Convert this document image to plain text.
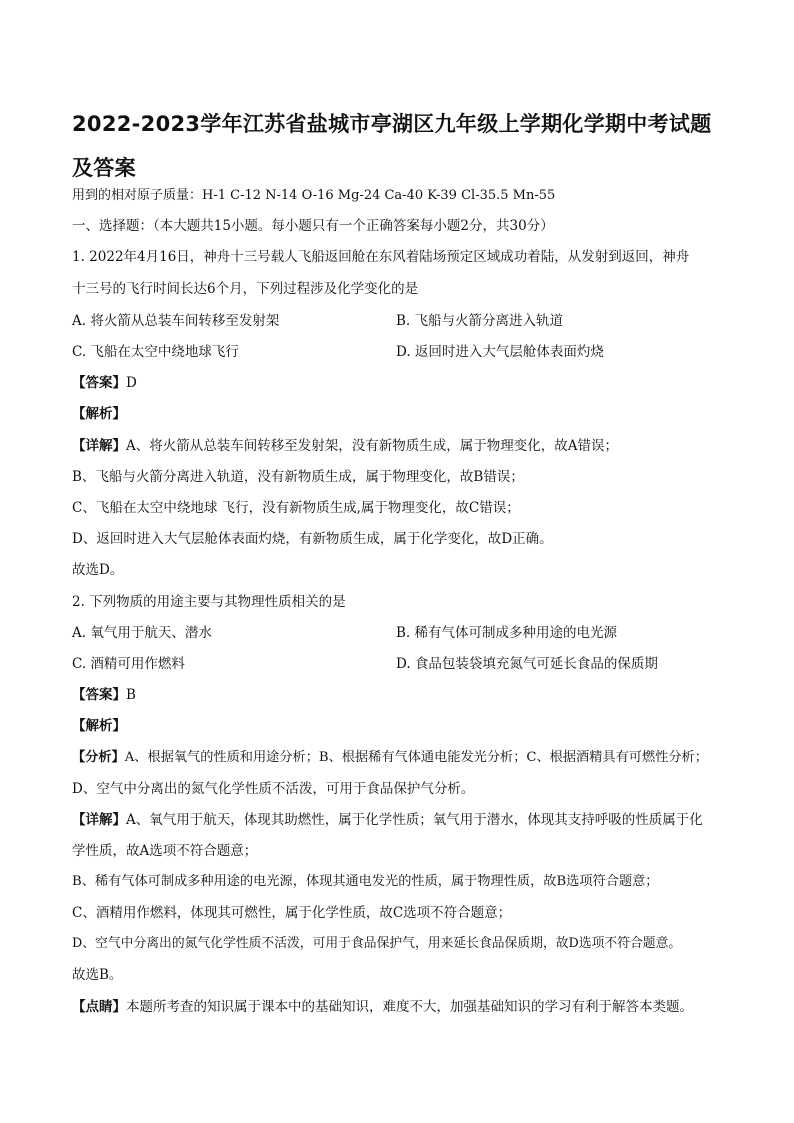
2022-2023学年江苏省盐城市亭湖区九年级上学期化学期中考试题及答案
用到的相对原子质量：H-1 C-12 N-14 O-16 Mg-24 Ca-40 K-39 Cl-35.5 Mn-55
一、选择题：（本大题共15小题。每小题只有一个正确答案每小题2分，共30分）
1. 2022年4月16日，神舟十三号载人飞船返回舱在东风着陆场预定区域成功着陆，从发射到返回，神舟
十三号的飞行时间长达6个月，下列过程涉及化学变化的是
A. 将火箭从总装车间转移至发射架	B. 飞船与火箭分离进入轨道
C. 飞船在太空中绕地球飞行	D. 返回时进入大气层舱体表面灼烧
【答案】D
【解析】
【详解】A、将火箭从总装车间转移至发射架，没有新物质生成，属于物理变化，故A错误；
B、飞船与火箭分离进入轨道，没有新物质生成，属于物理变化，故B错误；
C、飞船在太空中绕地球 飞行，没有新物质生成,属于物理变化，故C错误；
D、返回时进入大气层舱体表面灼烧，有新物质生成，属于化学变化，故D正确。
故选D。
2. 下列物质的用途主要与其物理性质相关的是
A. 氧气用于航天、潜水	B. 稀有气体可制成多种用途的电光源
C. 酒精可用作燃料	D. 食品包装袋填充氮气可延长食品的保质期
【答案】B
【解析】
【分析】A、根据氧气的性质和用途分析；B、根据稀有气体通电能发光分析；C、根据酒精具有可燃性分析；
D、空气中分离出的氮气化学性质不活泼，可用于食品保护气分析。
【详解】A、氧气用于航天，体现其助燃性，属于化学性质；氧气用于潜水，体现其支持呼吸的性质属于化
学性质，故A选项不符合题意；
B、稀有气体可制成多种用途的电光源，体现其通电发光的性质，属于物理性质，故B选项符合题意；
C、酒精用作燃料，体现其可燃性，属于化学性质，故C选项不符合题意；
D、空气中分离出的氮气化学性质不活泼，可用于食品保护气，用来延长食品保质期，故D选项不符合题意。
故选B。
【点睛】本题所考查的知识属于课本中的基础知识，难度不大，加强基础知识的学习有利于解答本类题。
